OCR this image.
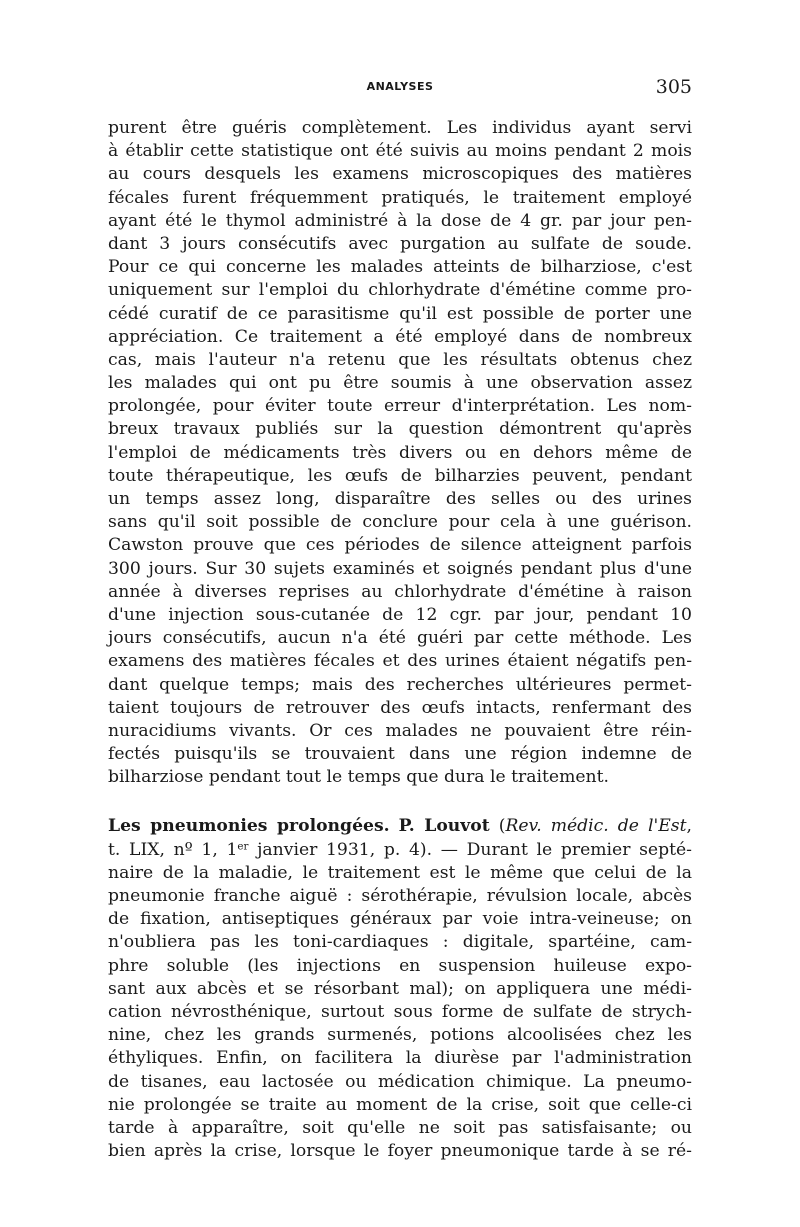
ANALYSES	305
purent être guéris complètement. Les individus ayant servi
à établir cette statistique ont été suivis au moins pendant 2 mois
au cours desquels les examens microscopiques des matières
fécales furent fréquemment pratiqués, le traitement employé
ayant été le thymol administré à la dose de 4 gr. par jour pen-
dant 3 jours consécutifs avec purgation au sulfate de soude.
Pour ce qui concerne les malades atteints de bilharziose, c'est
uniquement sur l'emploi du chlorhydrate d'émétine comme pro-
cédé curatif de ce parasitisme qu'il est possible de porter une
appréciation. Ce traitement a été employé dans de nombreux
cas, mais l'auteur n'a retenu que les résultats obtenus chez
les malades qui ont pu être soumis à une observation assez
prolongée, pour éviter toute erreur d'interprétation. Les nom-
breux travaux publiés sur la question démontrent qu'après
l'emploi de médicaments très divers ou en dehors même de
toute thérapeutique, les œufs de bilharzies peuvent, pendant
un temps assez long, disparaître des selles ou des urines
sans qu'il soit possible de conclure pour cela à une guérison.
Cawston prouve que ces périodes de silence atteignent parfois
300 jours. Sur 30 sujets examinés et soignés pendant plus d'une
année à diverses reprises au chlorhydrate d'émétine à raison
d'une injection sous-cutanée de 12 cgr. par jour, pendant 10
jours consécutifs, aucun n'a été guéri par cette méthode. Les
examens des matières fécales et des urines étaient négatifs pen-
dant quelque temps; mais des recherches ultérieures permet-
taient toujours de retrouver des œufs intacts, renfermant des
nuracidiums vivants. Or ces malades ne pouvaient être réin-
fectés puisqu'ils se trouvaient dans une région indemne de
bilharziose pendant tout le temps que dura le traitement.
Les pneumonies prolongées. P. Louvot (Rev. médic. de l'Est,
t. LIX, nº 1, 1er janvier 1931, p. 4). — Durant le premier septé-
naire de la maladie, le traitement est le même que celui de la
pneumonie franche aiguë : sérothérapie, révulsion locale, abcès
de fixation, antiseptiques généraux par voie intra-veineuse; on
n'oubliera pas les toni-cardiaques : digitale, spartéine, cam-
phre soluble (les injections en suspension huileuse expo-
sant aux abcès et se résorbant mal); on appliquera une médi-
cation névrosthénique, surtout sous forme de sulfate de strych-
nine, chez les grands surmenés, potions alcoolisées chez les
éthyliques. Enfin, on facilitera la diurèse par l'administration
de tisanes, eau lactosée ou médication chimique. La pneumo-
nie prolongée se traite au moment de la crise, soit que celle-ci
tarde à apparaître, soit qu'elle ne soit pas satisfaisante; ou
bien après la crise, lorsque le foyer pneumonique tarde à se ré-
